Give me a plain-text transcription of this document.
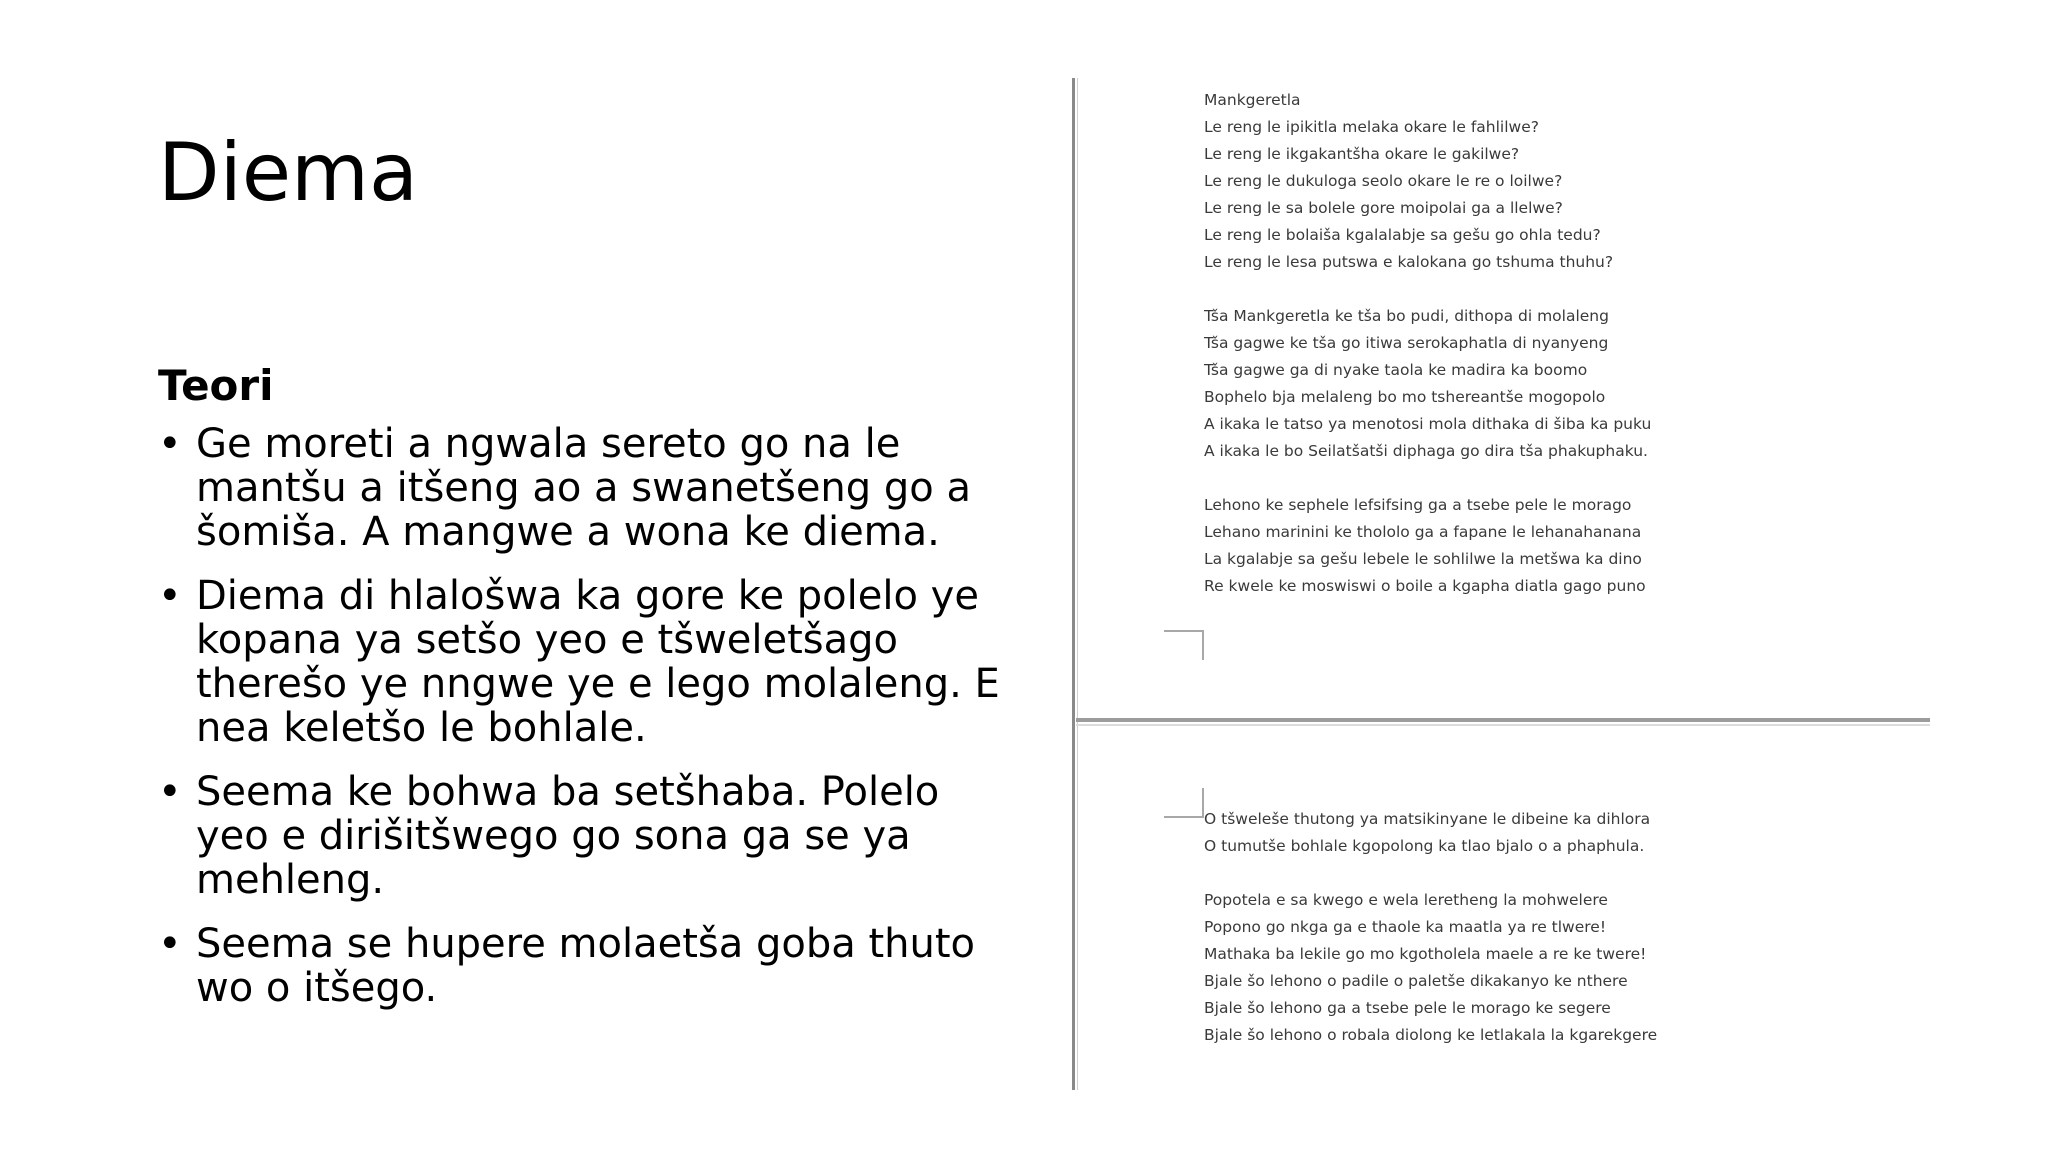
Diema
Teori
• Ge moreti a ngwala sereto go na le mantšu a itšeng ao a swanetšeng go a šomiša. A mangwe a wona ke diema.
• Diema di hlalošwa ka gore ke polelo ye kopana ya setšo yeo e tšweletšago therešo ye nngwe ye e lego molaleng. E nea keletšo le bohlale.
• Seema ke bohwa ba setšhaba. Polelo yeo e dirišitšwego go sona ga se ya mehleng.
• Seema se hupere molaetša goba thuto wo o itšego.
Mankgeretla
Le reng le ipikitla melaka okare le fahlilwe?
Le reng le ikgakantšha okare le gakilwe?
Le reng le dukuloga seolo okare le re o loilwe?
Le reng le sa bolele gore moipolai ga a llelwe?
Le reng le bolaiša kgalalabje sa gešu go ohla tedu?
Le reng le lesa putswa e kalokana go tshuma thuhu?
Tša Mankgeretla ke tša bo pudi, dithopa di molaleng
Tša gagwe ke tša go itiwa serokaphatla di nyanyeng
Tša gagwe ga di nyake taola ke madira ka boomo
Bophelo bja melaleng bo mo tshereantše mogopolo
A ikaka le tatso ya menotosi mola dithaka di šiba ka puku
A ikaka le bo Seilatšatši diphaga go dira tša phakuphaku.
Lehono ke sephele lefsifsing ga a tsebe pele le morago
Lehano marinini ke thololo ga a fapane le lehanahanana
La kgalabje sa gešu lebele le sohlilwe la metšwa ka dino
Re kwele ke moswiswi o boile a kgapha diatla gago puno
O tšweleše thutong ya matsikinyane le dibeine ka dihlora
O tumutše bohlale kgopolong ka tlao bjalo o a phaphula.
Popotela e sa kwego e wela leretheng la mohwelere
Popono go nkga ga e thaole ka maatla ya re tlwere!
Mathaka ba lekile go mo kgotholela maele a re ke twere!
Bjale šo lehono o padile o paletše dikakanyo ke nthere
Bjale šo lehono ga a tsebe pele le morago ke segere
Bjale šo lehono o robala diolong ke letlakala la kgarekgere
